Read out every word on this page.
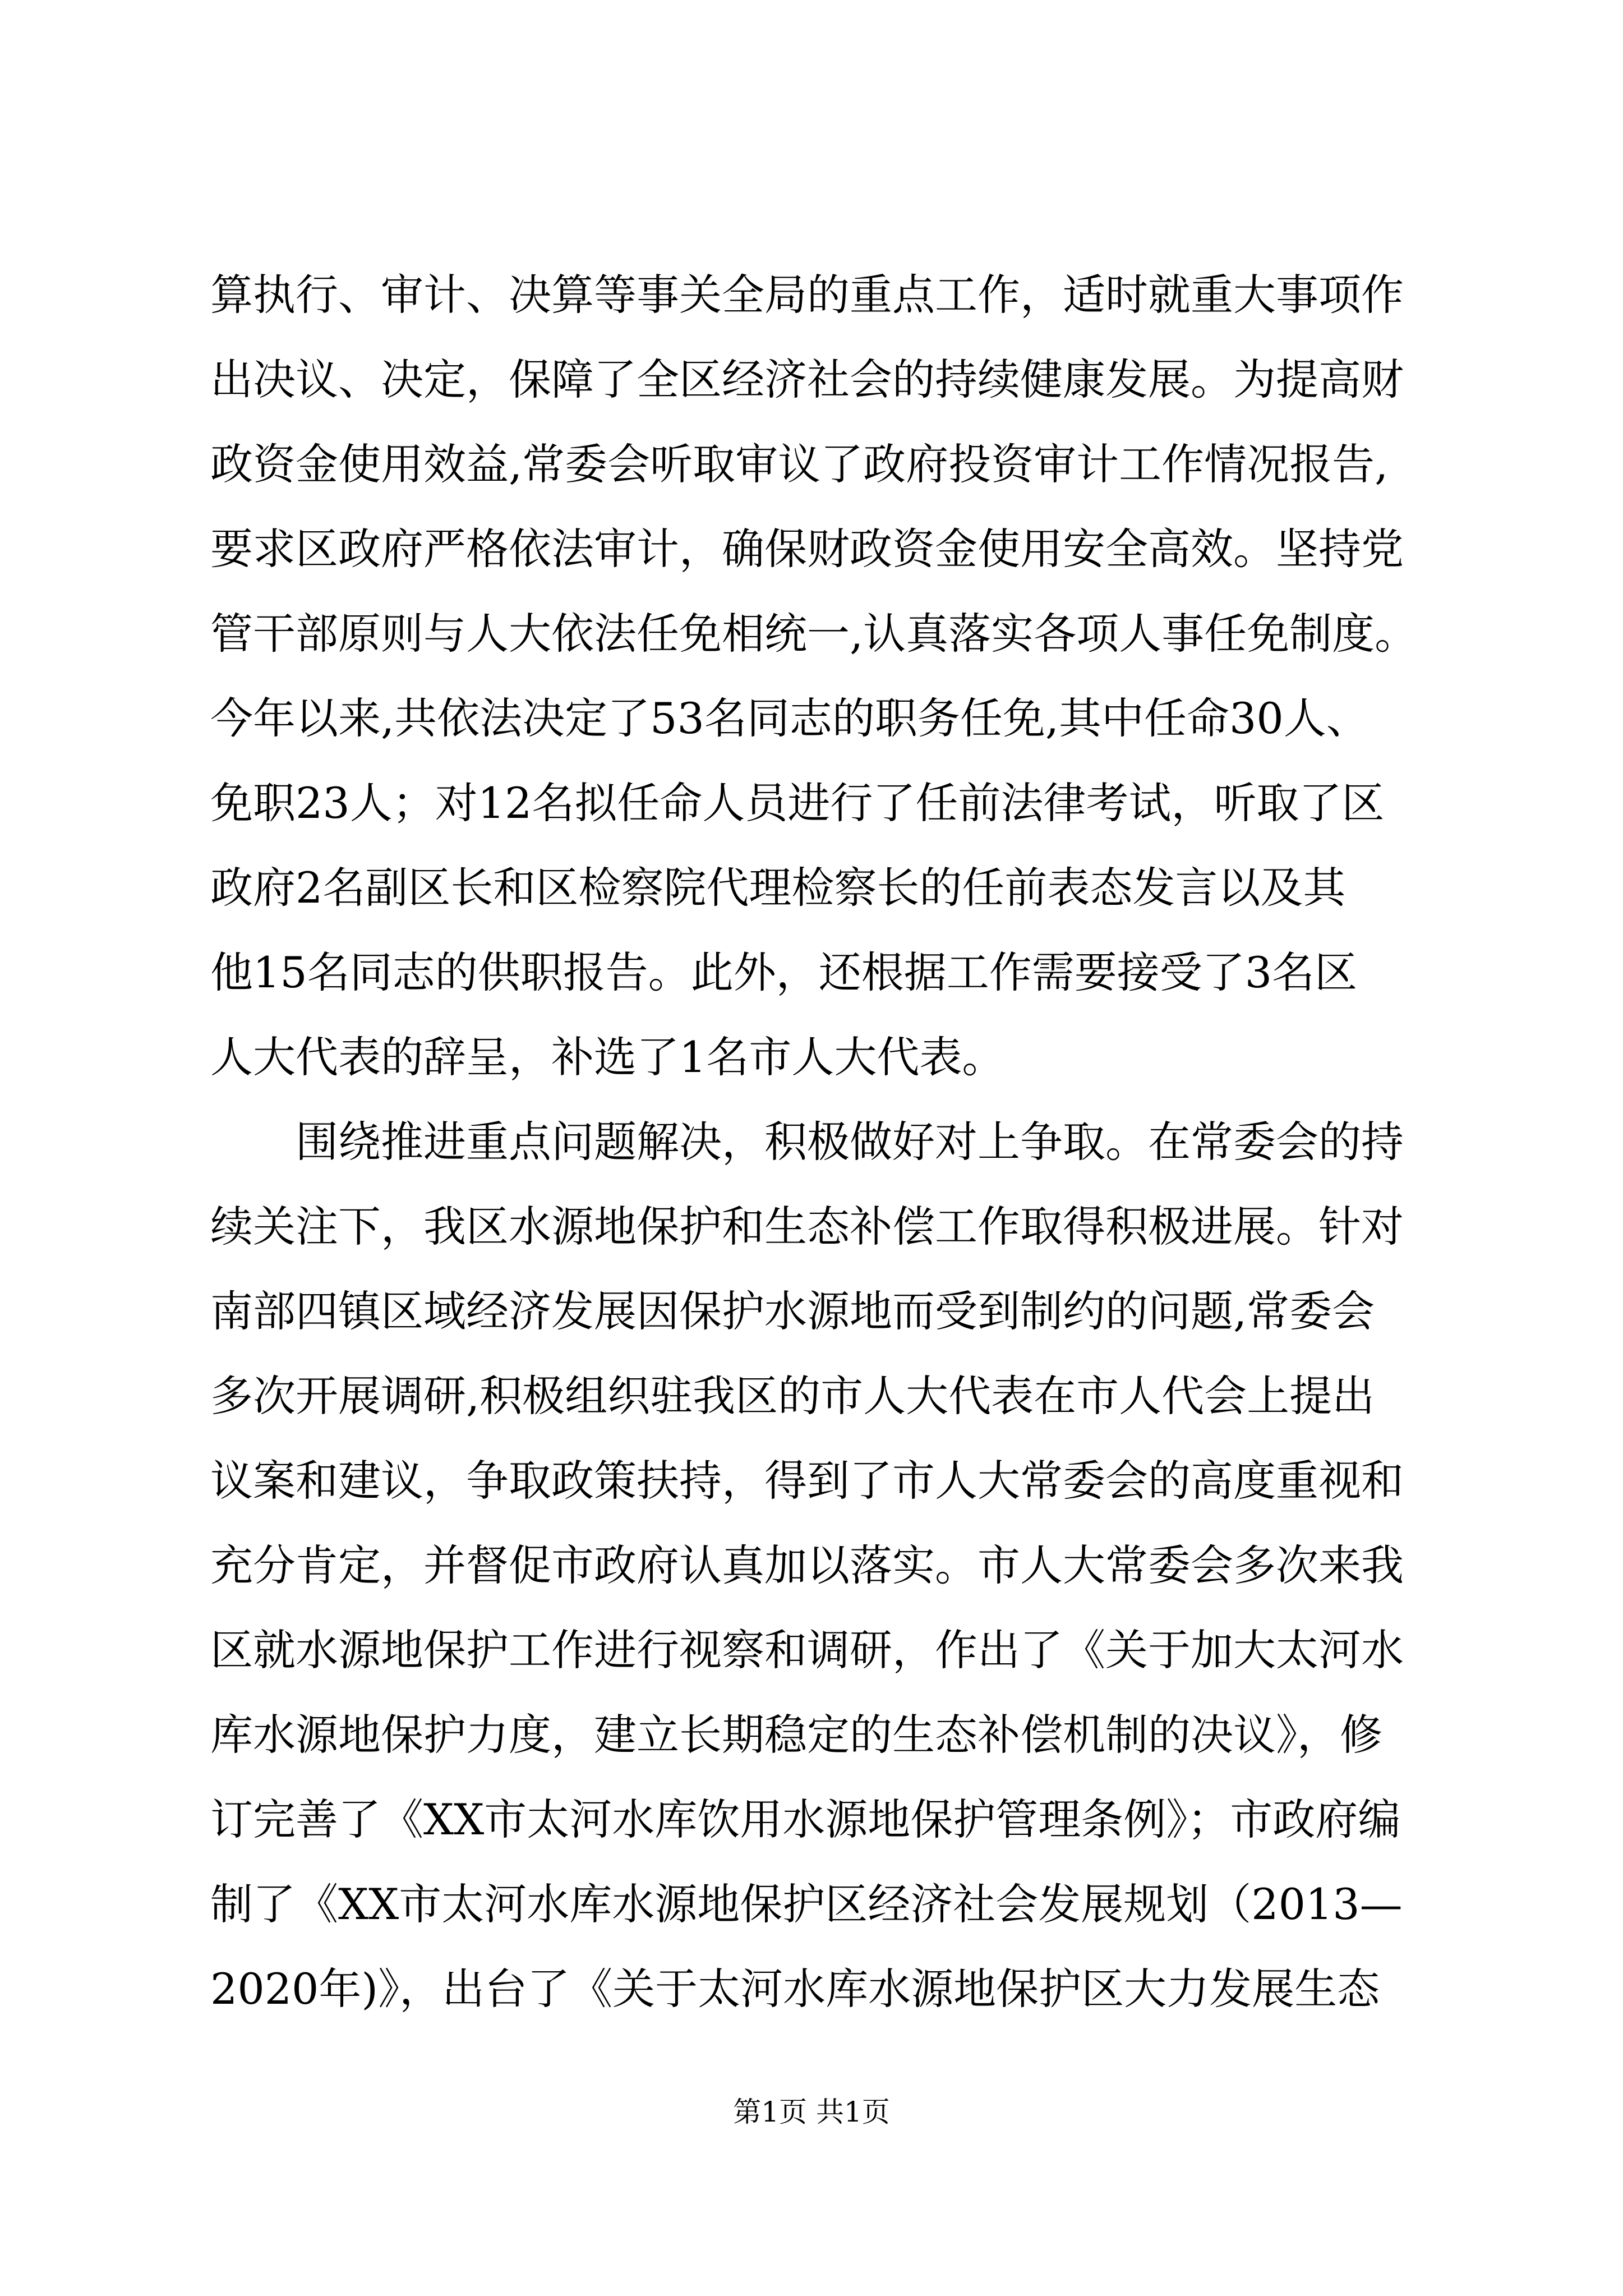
算执行、审计、决算等事关全局的重点工作，适时就重大事项作
出决议、决定，保障了全区经济社会的持续健康发展。为提高财
政资金使用效益,常委会听取审议了政府投资审计工作情况报告,
要求区政府严格依法审计，确保财政资金使用安全高效。坚持党
管干部原则与人大依法任免相统一,认真落实各项人事任免制度。
今年以来,共依法决定了53名同志的职务任免,其中任命30人、
免职23人；对12名拟任命人员进行了任前法律考试，听取了区
政府2名副区长和区检察院代理检察长的任前表态发言以及其
他15名同志的供职报告。此外，还根据工作需要接受了3名区
人大代表的辞呈，补选了1名市人大代表。
围绕推进重点问题解决，积极做好对上争取。在常委会的持
续关注下，我区水源地保护和生态补偿工作取得积极进展。针对
南部四镇区域经济发展因保护水源地而受到制约的问题,常委会
多次开展调研,积极组织驻我区的市人大代表在市人代会上提出
议案和建议，争取政策扶持，得到了市人大常委会的高度重视和
充分肯定，并督促市政府认真加以落实。市人大常委会多次来我
区就水源地保护工作进行视察和调研，作出了《关于加大太河水
库水源地保护力度，建立长期稳定的生态补偿机制的决议》，修
订完善了《XX市太河水库饮用水源地保护管理条例》；市政府编
制了《XX市太河水库水源地保护区经济社会发展规划（2013—
2020年)》，出台了《关于太河水库水源地保护区大力发展生态
第1页 共1页
